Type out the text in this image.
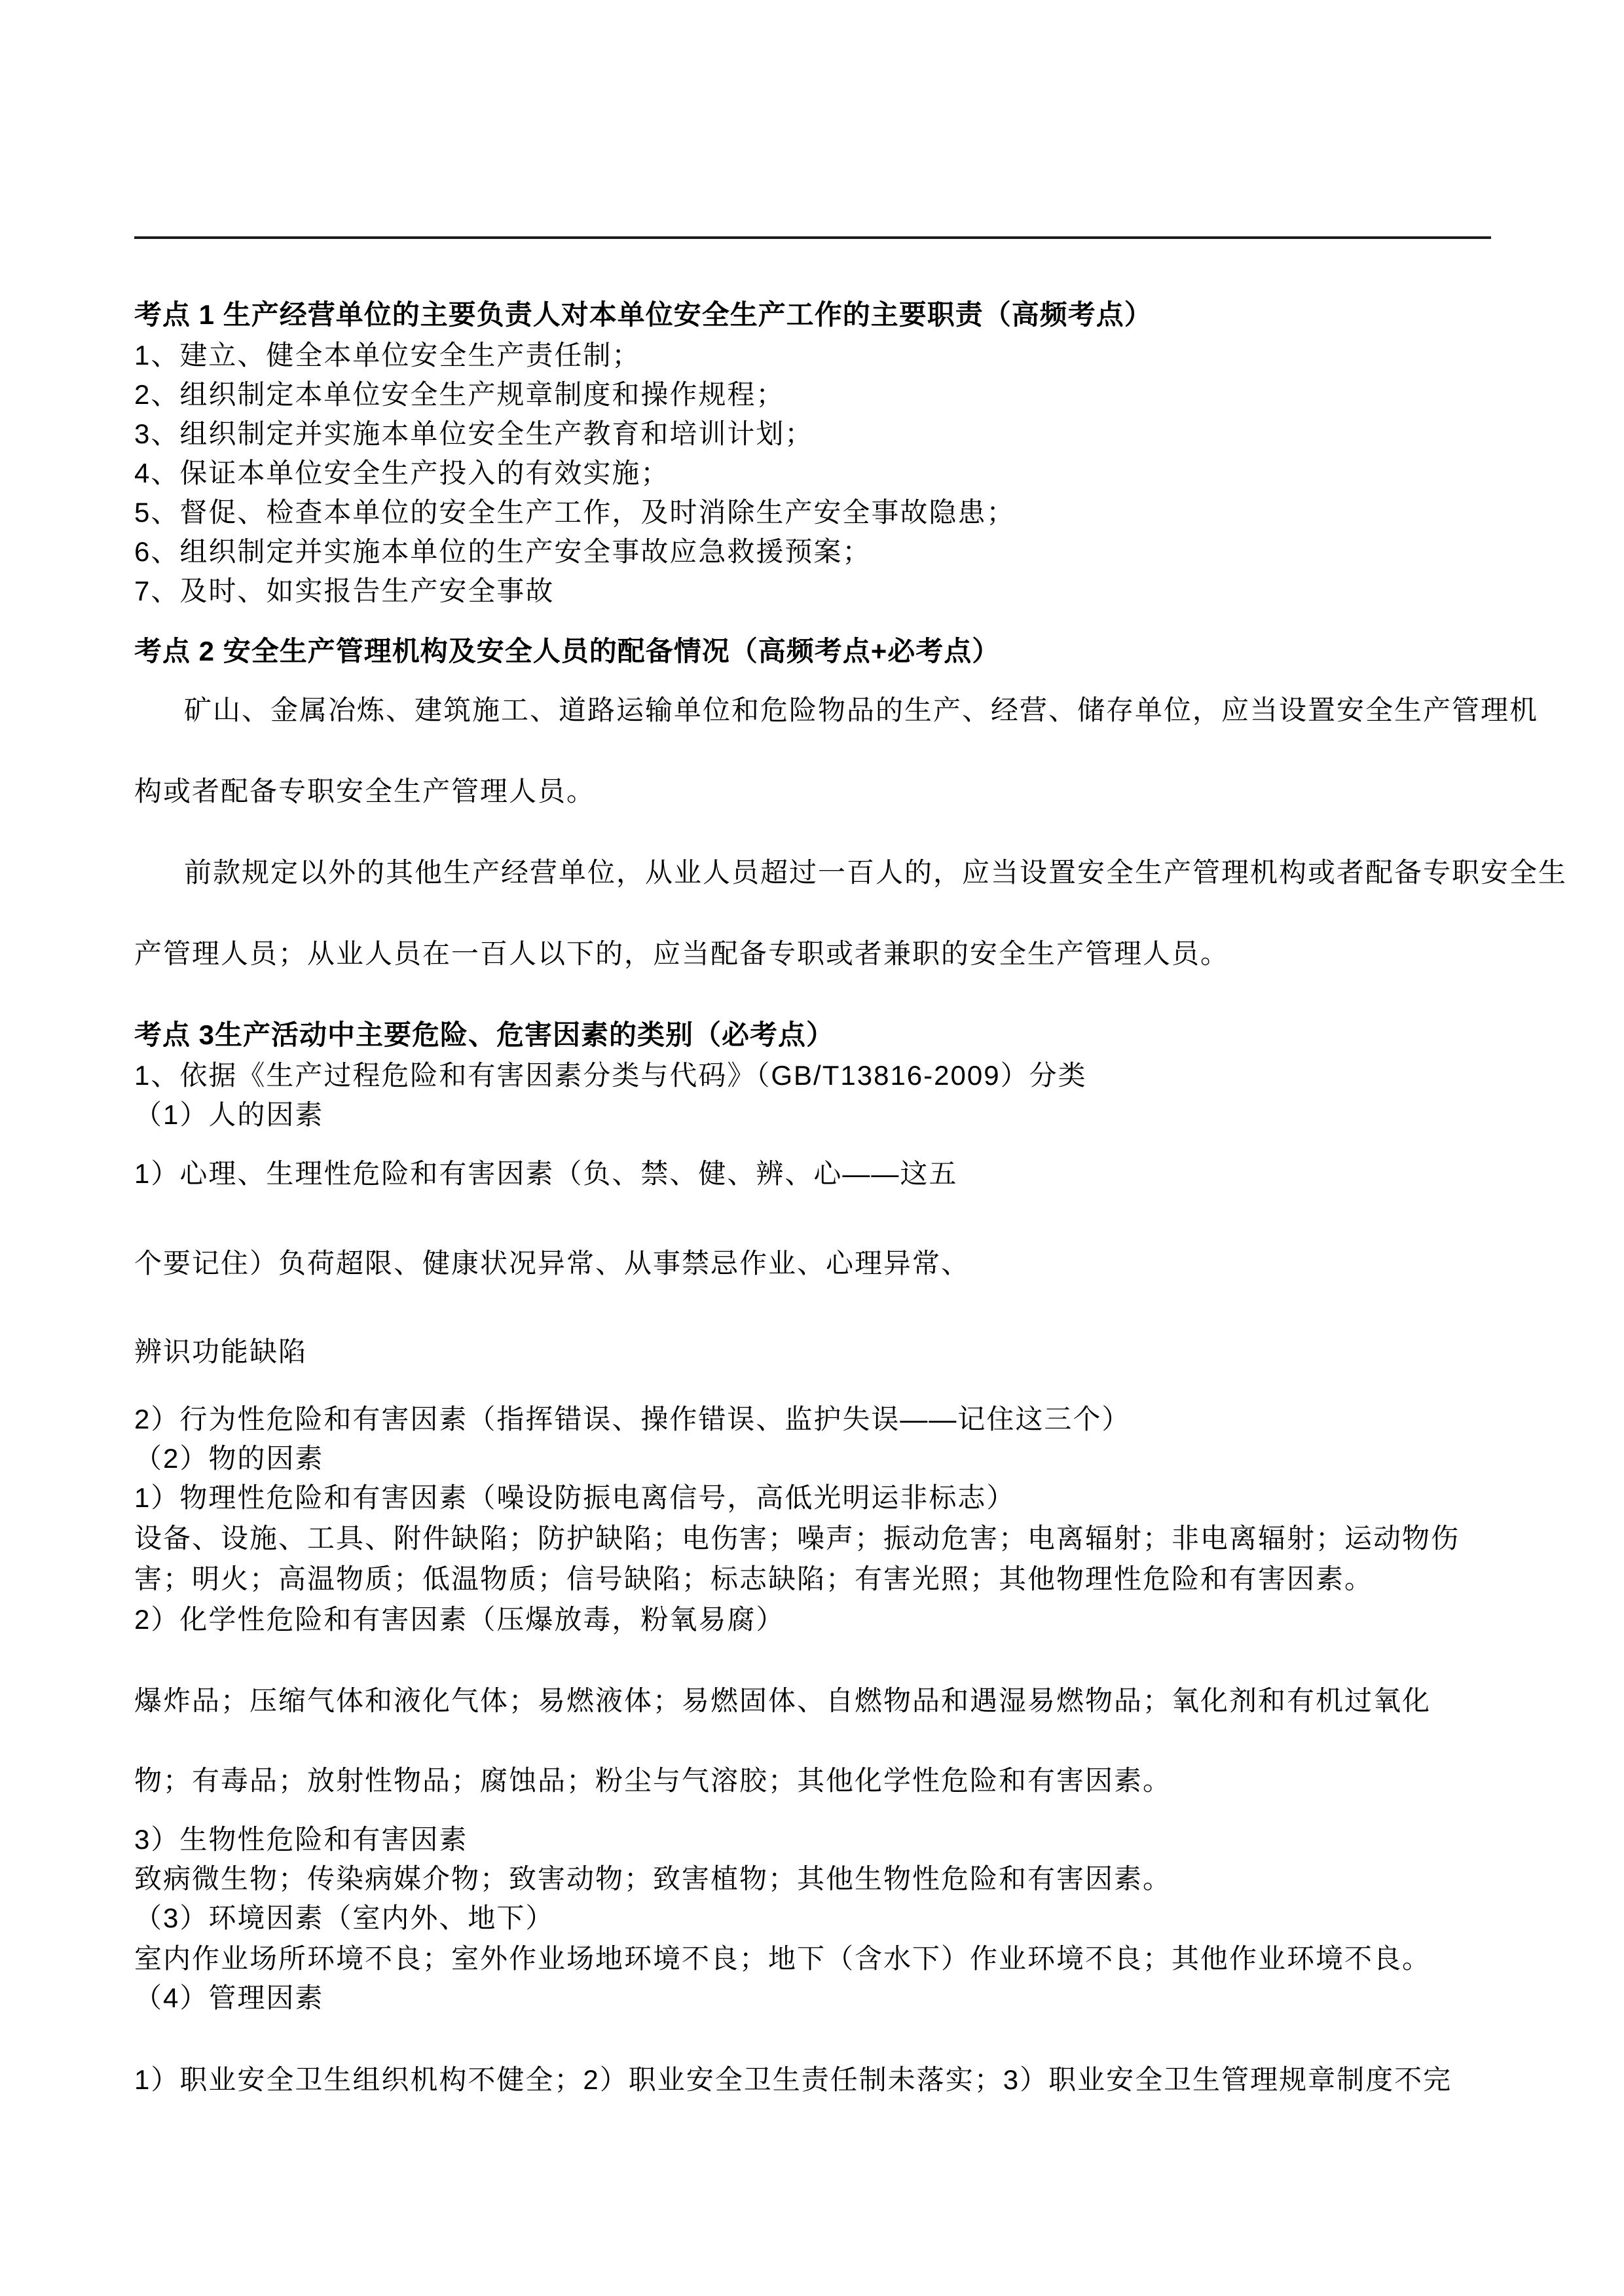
考点 1 生产经营单位的主要负责人对本单位安全生产工作的主要职责（高频考点）
1、建立、健全本单位安全生产责任制；
2、组织制定本单位安全生产规章制度和操作规程；
3、组织制定并实施本单位安全生产教育和培训计划；
4、保证本单位安全生产投入的有效实施；
5、督促、检查本单位的安全生产工作，及时消除生产安全事故隐患；
6、组织制定并实施本单位的生产安全事故应急救援预案；
7、及时、如实报告生产安全事故
考点 2 安全生产管理机构及安全人员的配备情况（高频考点+必考点）
矿山、金属冶炼、建筑施工、道路运输单位和危险物品的生产、经营、储存单位，应当设置安全生产管理机
构或者配备专职安全生产管理人员。
前款规定以外的其他生产经营单位，从业人员超过一百人的，应当设置安全生产管理机构或者配备专职安全生
产管理人员；从业人员在一百人以下的，应当配备专职或者兼职的安全生产管理人员。
考点 3生产活动中主要危险、危害因素的类别（必考点）
1、依据《生产过程危险和有害因素分类与代码》（GB/T13816-2009）分类
（1）人的因素
1）心理、生理性危险和有害因素（负、禁、健、辨、心——这五
个要记住）负荷超限、健康状况异常、从事禁忌作业、心理异常、
辨识功能缺陷
2）行为性危险和有害因素（指挥错误、操作错误、监护失误——记住这三个）
（2）物的因素
1）物理性危险和有害因素（噪设防振电离信号，高低光明运非标志）
设备、设施、工具、附件缺陷；防护缺陷；电伤害；噪声；振动危害；电离辐射；非电离辐射；运动物伤
害；明火；高温物质；低温物质；信号缺陷；标志缺陷；有害光照；其他物理性危险和有害因素。
2）化学性危险和有害因素（压爆放毒，粉氧易腐）
爆炸品；压缩气体和液化气体；易燃液体；易燃固体、自燃物品和遇湿易燃物品；氧化剂和有机过氧化
物；有毒品；放射性物品；腐蚀品；粉尘与气溶胶；其他化学性危险和有害因素。
3）生物性危险和有害因素
致病微生物；传染病媒介物；致害动物；致害植物；其他生物性危险和有害因素。
（3）环境因素（室内外、地下）
室内作业场所环境不良；室外作业场地环境不良；地下（含水下）作业环境不良；其他作业环境不良。
（4）管理因素
1）职业安全卫生组织机构不健全；2）职业安全卫生责任制未落实；3）职业安全卫生管理规章制度不完
